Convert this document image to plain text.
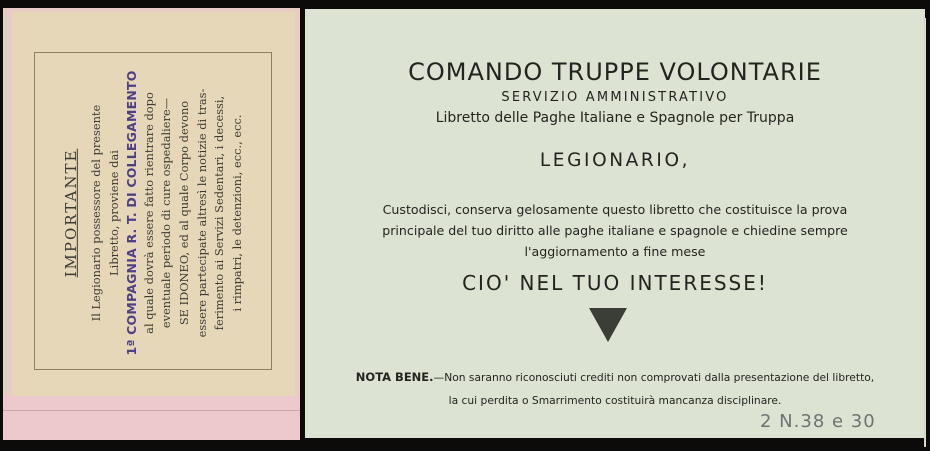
IMPORTANTE Il Legionario possessore del presente Libretto, proviene dai 1ª COMPAGNIA R. T. DI COLLEGAMENTO al quale dovrà essere fatto rientrare dopo eventuale periodo di cure ospedaliere— SE IDONEO, ed al quale Corpo devono essere partecipate altresì le notizie di tras- ferimento ai Servizi Sedentari, i decessi, i rimpatri, le detenzioni, ecc., ecc.

COMANDO TRUPPE VOLONTARIE
SERVIZIO AMMINISTRATIVO
Libretto delle Paghe Italiane e Spagnole per Truppa
LEGIONARIO,
Custodisci, conserva gelosamente questo libretto che costituisce la prova
principale del tuo diritto alle paghe italiane e spagnole e chiedine sempre
l'aggiornamento a fine mese
CIO' NEL TUO INTERESSE!
NOTA BENE.—Non saranno riconosciuti crediti non comprovati dalla presentazione del libretto,
la cui perdita o Smarrimento costituirà mancanza disciplinare.
2 N.38 e 30
